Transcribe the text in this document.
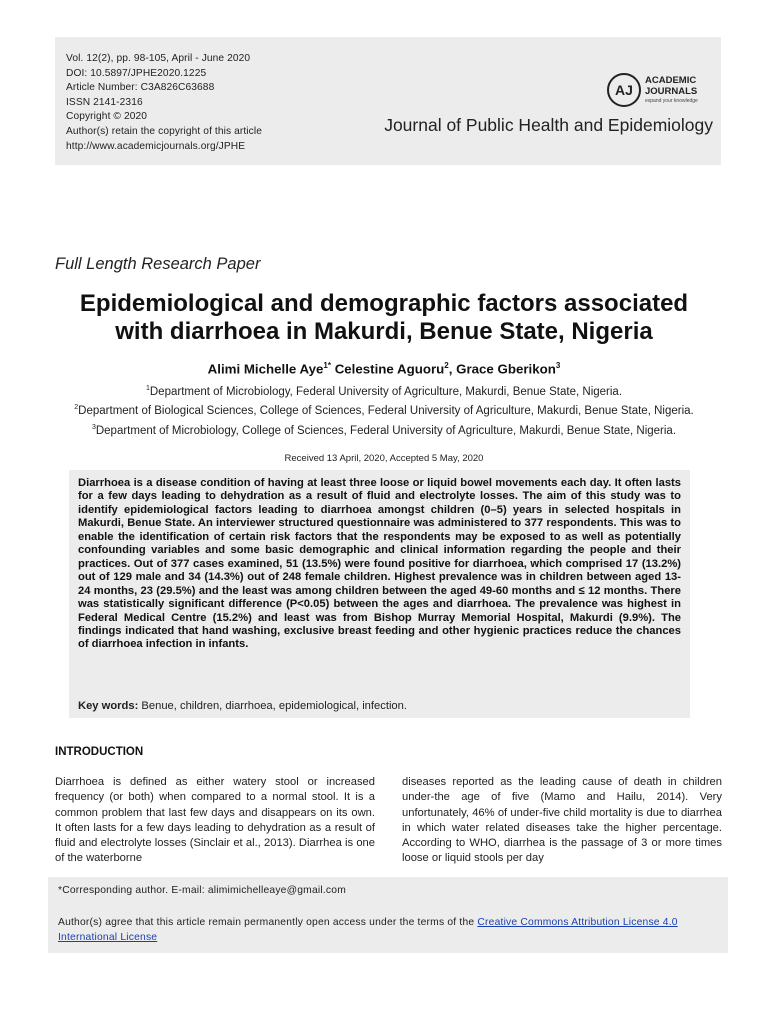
Vol. 12(2), pp. 98-105, April - June 2020
DOI: 10.5897/JPHE2020.1225
Article Number: C3A826C63688
ISSN 2141-2316
Copyright © 2020
Author(s) retain the copyright of this article
http://www.academicjournals.org/JPHE
AJ
ACADEMIC
JOURNALS
expand your knowledge
Journal of Public Health and Epidemiology
Full Length Research Paper
Epidemiological and demographic factors associated
with diarrhoea in Makurdi, Benue State, Nigeria
Alimi Michelle Aye$^{1*}$ Celestine Aguoru$^2$, Grace Gberikon$^3$
$^1$Department of Microbiology, Federal University of Agriculture, Makurdi, Benue State, Nigeria.
$^2$Department of Biological Sciences, College of Sciences, Federal University of Agriculture, Makurdi, Benue State, Nigeria.
$^3$Department of Microbiology, College of Sciences, Federal University of Agriculture, Makurdi, Benue State, Nigeria.
Received 13 April, 2020, Accepted 5 May, 2020
Diarrhoea is a disease condition of having at least three loose or liquid bowel movements each day. It often lasts for a few days leading to dehydration as a result of fluid and electrolyte losses. The aim of this study was to identify epidemiological factors leading to diarrhoea amongst children (0–5) years in selected hospitals in Makurdi, Benue State. An interviewer structured questionnaire was administered to 377 respondents. This was to enable the identification of certain risk factors that the respondents may be exposed to as well as potentially confounding variables and some basic demographic and clinical information regarding the people and their practices. Out of 377 cases examined, 51 (13.5%) were found positive for diarrhoea, which comprised 17 (13.2%) out of 129 male and 34 (14.3%) out of 248 female children. Highest prevalence was in children between aged 13-24 months, 23 (29.5%) and the least was among children between the aged 49-60 months and ≤ 12 months. There was statistically significant difference (P<0.05) between the ages and diarrhoea. The prevalence was highest in Federal Medical Centre (15.2%) and least was from Bishop Murray Memorial Hospital, Makurdi (9.9%). The findings indicated that hand washing, exclusive breast feeding and other hygienic practices reduce the chances of diarrhoea infection in infants.
Key words: Benue, children, diarrhoea, epidemiological, infection.
INTRODUCTION
Diarrhoea is defined as either watery stool or increased frequency (or both) when compared to a normal stool. It is a common problem that last few days and disappears on its own. It often lasts for a few days leading to dehydration as a result of fluid and electrolyte losses (Sinclair et al., 2013). Diarrhea is one of the waterborne
diseases reported as the leading cause of death in children under-the age of five (Mamo and Hailu, 2014). Very unfortunately, 46% of under-five child mortality is due to diarrhea in which water related diseases take the higher percentage. According to WHO, diarrhea is the passage of 3 or more times loose or liquid stools per day
*Corresponding author. E-mail: alimimichelleaye@gmail.com
Author(s) agree that this article remain permanently open access under the terms of the Creative Commons Attribution License 4.0 International License
